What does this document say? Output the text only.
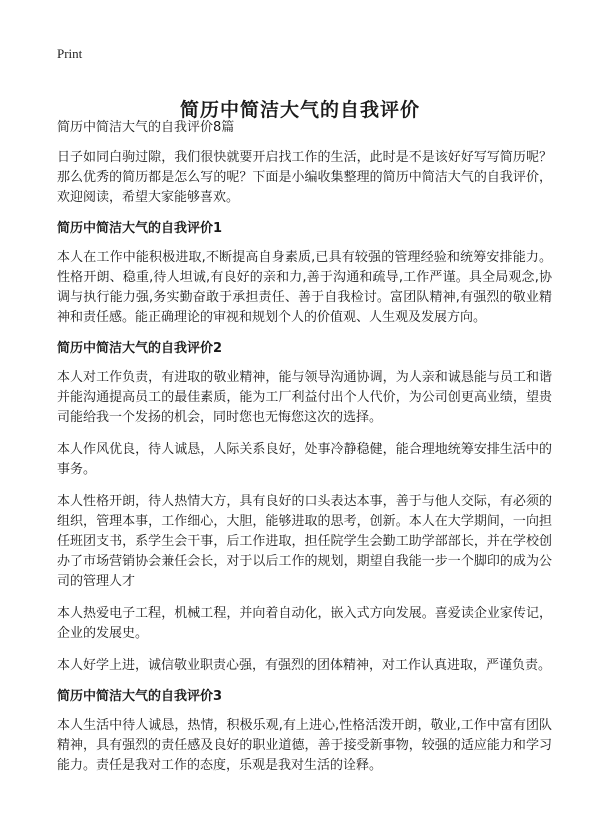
Print
简历中简洁大气的自我评价
简历中简洁大气的自我评价8篇

日子如同白驹过隙，我们很快就要开启找工作的生活，此时是不是该好好写写简历呢？那么优秀的简历都是怎么写的呢？下面是小编收集整理的简历中简洁大气的自我评价，欢迎阅读，希望大家能够喜欢。

简历中简洁大气的自我评价1

本人在工作中能积极进取,不断提高自身素质,已具有较强的管理经验和统筹安排能力。性格开朗、稳重,待人坦诚,有良好的亲和力,善于沟通和疏导,工作严谨。具全局观念,协调与执行能力强,务实勤奋敢于承担责任、善于自我检讨。富团队精神,有强烈的敬业精神和责任感。能正确理论的审视和规划个人的价值观、人生观及发展方向。

简历中简洁大气的自我评价2

本人对工作负责，有进取的敬业精神，能与领导沟通协调，为人亲和诚恳能与员工和谐并能沟通提高员工的最佳素质，能为工厂利益付出个人代价，为公司创更高业绩，望贵司能给我一个发扬的机会，同时您也无悔您这次的选择。

本人作风优良，待人诚恳，人际关系良好，处事冷静稳健，能合理地统筹安排生活中的事务。

本人性格开朗，待人热情大方，具有良好的口头表达本事，善于与他人交际，有必须的组织，管理本事，工作细心，大胆，能够进取的思考，创新。本人在大学期间，一向担任班团支书，系学生会干事，后工作进取，担任院学生会勤工助学部部长，并在学校创办了市场营销协会兼任会长，对于以后工作的规划，期望自我能一步一个脚印的成为公司的管理人才

本人热爱电子工程，机械工程，并向着自动化，嵌入式方向发展。喜爱读企业家传记，企业的发展史。

本人好学上进，诚信敬业职责心强，有强烈的团体精神，对工作认真进取，严谨负责。

简历中简洁大气的自我评价3

本人生活中待人诚恳，热情，积极乐观,有上进心,性格活泼开朗，敬业,工作中富有团队精神，具有强烈的责任感及良好的职业道德，善于接受新事物，较强的适应能力和学习能力。责任是我对工作的态度，乐观是我对生活的诠释。
